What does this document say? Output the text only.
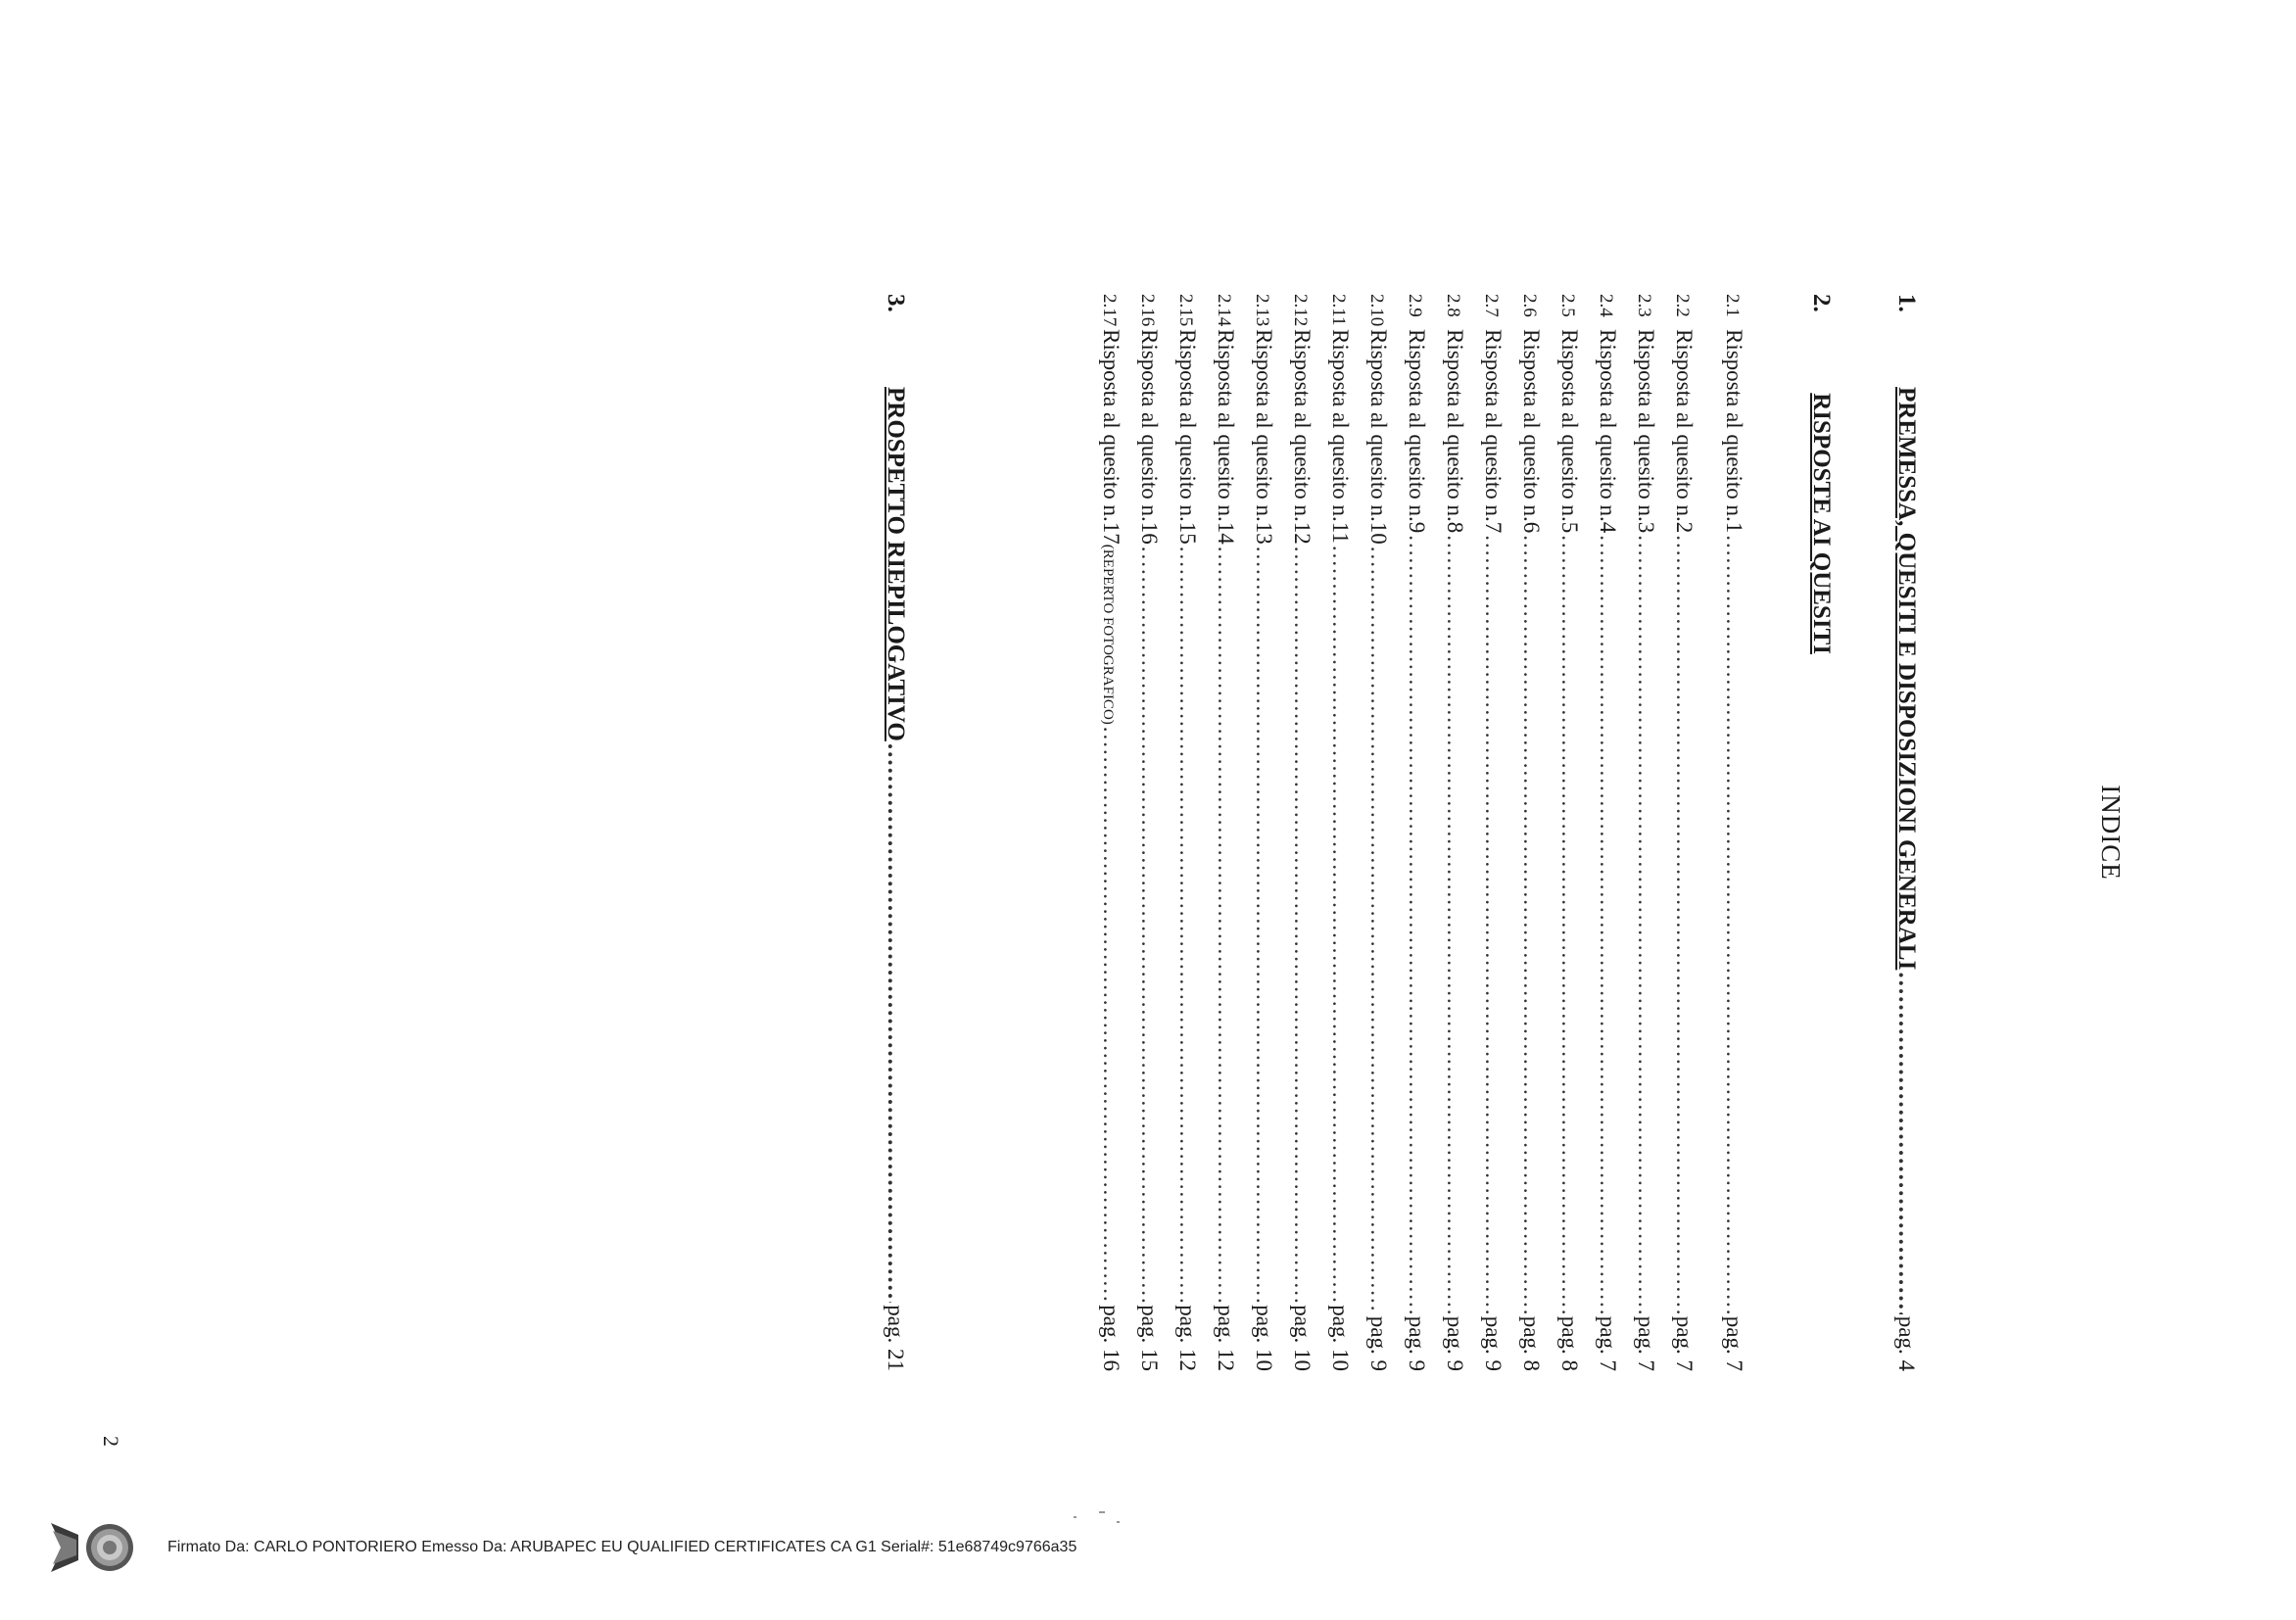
INDICE
1.
PREMESSA, QUESITI E DISPOSIZIONI GENERALI
.....
pag. 4
2. RISPOSTE AI QUESITI
2.1
Risposta al quesito n.1
.....
pag. 7
2.2
Risposta al quesito n.2
.....
pag. 7
2.3
Risposta al quesito n.3
.....
pag. 7
2.4
Risposta al quesito n.4
.....
pag. 7
2.5
Risposta al quesito n.5
.....
pag. 8
2.6
Risposta al quesito n.6
.....
pag. 8
2.7
Risposta al quesito n.7
.....
pag. 9
2.8
Risposta al quesito n.8
.....
pag. 9
2.9
Risposta al quesito n.9
.....
pag. 9
2.10
Risposta al quesito n.10
.....
pag. 9
2.11
Risposta al quesito n.11
.....
pag. 10
2.12
Risposta al quesito n.12
.....
pag. 10
2.13
Risposta al quesito n.13
.....
pag. 10
2.14
Risposta al quesito n.14
.....
pag. 12
2.15
Risposta al quesito n.15
.....
pag. 12
2.16
Risposta al quesito n.16
.....
pag. 15
2.17
Risposta al quesito n.17
(REPERTO FOTOGRAFICO)
.....
pag. 16
3.
PROSPETTO RIEPILOGATIVO
.....
pag. 21
2
Firmato Da: CARLO PONTORIERO Emesso Da: ARUBAPEC EU QUALIFIED CERTIFICATES CA G1 Serial#: 51e68749c9766a35
